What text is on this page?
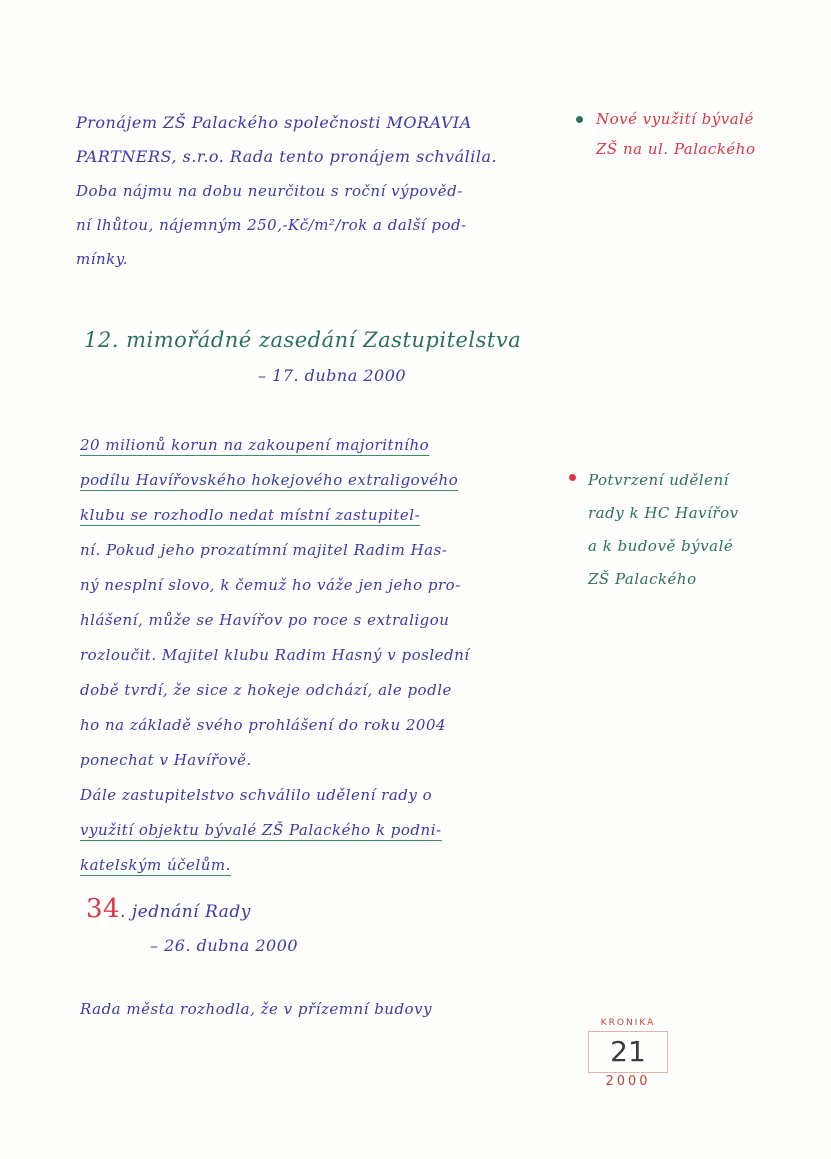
Pronájem ZŠ Palackého společnosti MORAVIA
PARTNERS, s.r.o. Rada tento pronájem schválila.
Doba nájmu na dobu neurčitou s roční výpověd-
ní lhůtou, nájemným 250,-Kč/m²/rok a další pod-
mínky.
Nové využití bývalé
ZŠ na ul. Palackého
12. mimořádné zasedání Zastupitelstva
– 17. dubna 2000
20 milionů korun na zakoupení majoritního
podílu Havířovského hokejového extraligového
klubu se rozhodlo nedat místní zastupitel-
ní. Pokud jeho prozatímní majitel Radim Has-
ný nesplní slovo, k čemuž ho váže jen jeho pro-
hlášení, může se Havířov po roce s extraligou
rozloučit. Majitel klubu Radim Hasný v poslední
době tvrdí, že sice z hokeje odchází, ale podle
ho na základě svého prohlášení do roku 2004
ponechat v Havířově.
Dále zastupitelstvo schválilo udělení rady o
využití objektu bývalé ZŠ Palackého k podni-
katelským účelům.
Potvrzení udělení
rady k HC Havířov
a k budově bývalé
ZŠ Palackého
34. jednání Rady
– 26. dubna 2000
Rada města rozhodla, že v přízemní budovy
KRONIKA
21
2000
